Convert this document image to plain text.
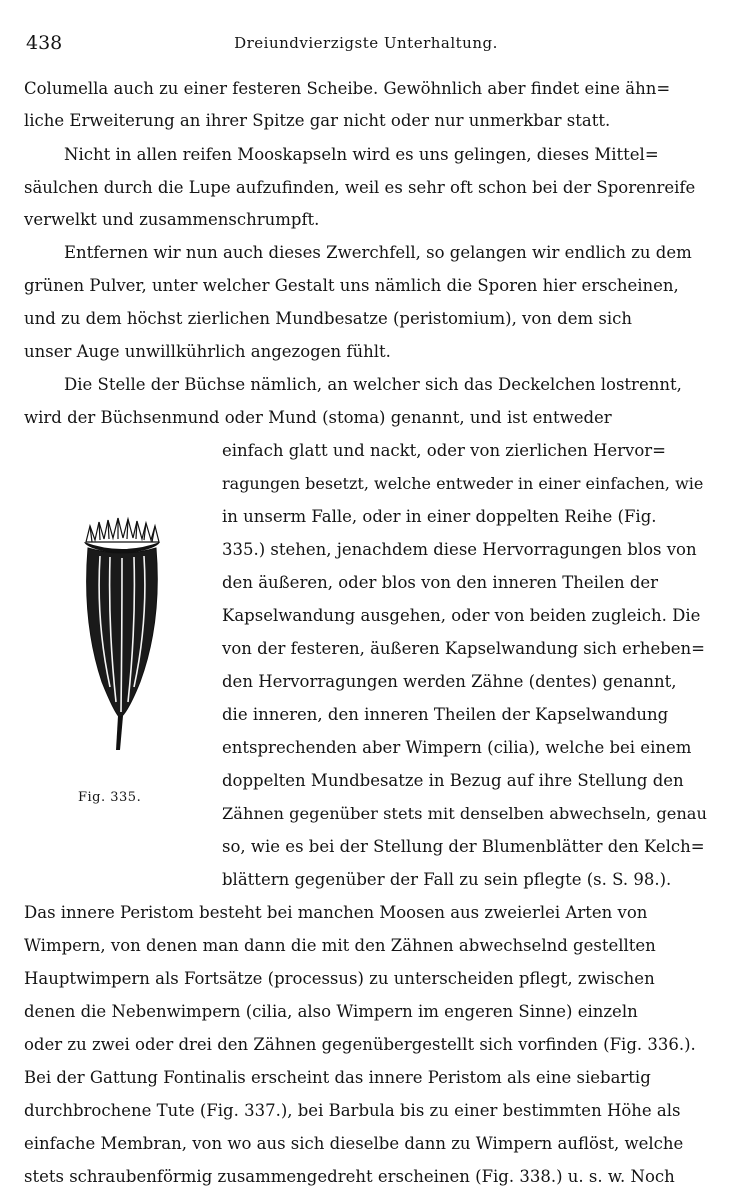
438	Dreiundvierzigste Unterhaltung.
Columella auch zu einer festeren Scheibe. Gewöhnlich aber findet eine ähn=
liche Erweiterung an ihrer Spitze gar nicht oder nur unmerkbar statt.
Nicht in allen reifen Mooskapseln wird es uns gelingen, dieses Mittel=
säulchen durch die Lupe aufzufinden, weil es sehr oft schon bei der Sporenreife
verwelkt und zusammenschrumpft.
Entfernen wir nun auch dieses Zwerchfell, so gelangen wir endlich zu dem
grünen Pulver, unter welcher Gestalt uns nämlich die Sporen hier erscheinen,
und zu dem höchst zierlichen Mundbesatze (peristomium), von dem sich
unser Auge unwillkührlich angezogen fühlt.
Die Stelle der Büchse nämlich, an welcher sich das Deckelchen lostrennt,
wird der Büchsenmund oder Mund (stoma) genannt, und ist entweder
einfach glatt und nackt, oder von zierlichen Hervor=
ragungen besetzt, welche entweder in einer einfachen, wie
in unserm Falle, oder in einer doppelten Reihe (Fig.
335.) stehen, jenachdem diese Hervorragungen blos von
den äußeren, oder blos von den inneren Theilen der
Kapselwandung ausgehen, oder von beiden zugleich. Die
von der festeren, äußeren Kapselwandung sich erheben=
den Hervorragungen werden Zähne (dentes) genannt,
die inneren, den inneren Theilen der Kapselwandung
entsprechenden aber Wimpern (cilia), welche bei einem
doppelten Mundbesatze in Bezug auf ihre Stellung den
Zähnen gegenüber stets mit denselben abwechseln, genau
so, wie es bei der Stellung der Blumenblätter den Kelch=
blättern gegenüber der Fall zu sein pflegte (s. S. 98.).
Das innere Peristom besteht bei manchen Moosen aus zweierlei Arten von
Wimpern, von denen man dann die mit den Zähnen abwechselnd gestellten
Hauptwimpern als Fortsätze (processus) zu unterscheiden pflegt, zwischen
denen die Nebenwimpern (cilia, also Wimpern im engeren Sinne) einzeln
oder zu zwei oder drei den Zähnen gegenübergestellt sich vorfinden (Fig. 336.).
Bei der Gattung Fontinalis erscheint das innere Peristom als eine siebartig
durchbrochene Tute (Fig. 337.), bei Barbula bis zu einer bestimmten Höhe als
einfache Membran, von wo aus sich dieselbe dann zu Wimpern auflöst, welche
stets schraubenförmig zusammengedreht erscheinen (Fig. 338.) u. s. w. Noch
Fig. 335.
